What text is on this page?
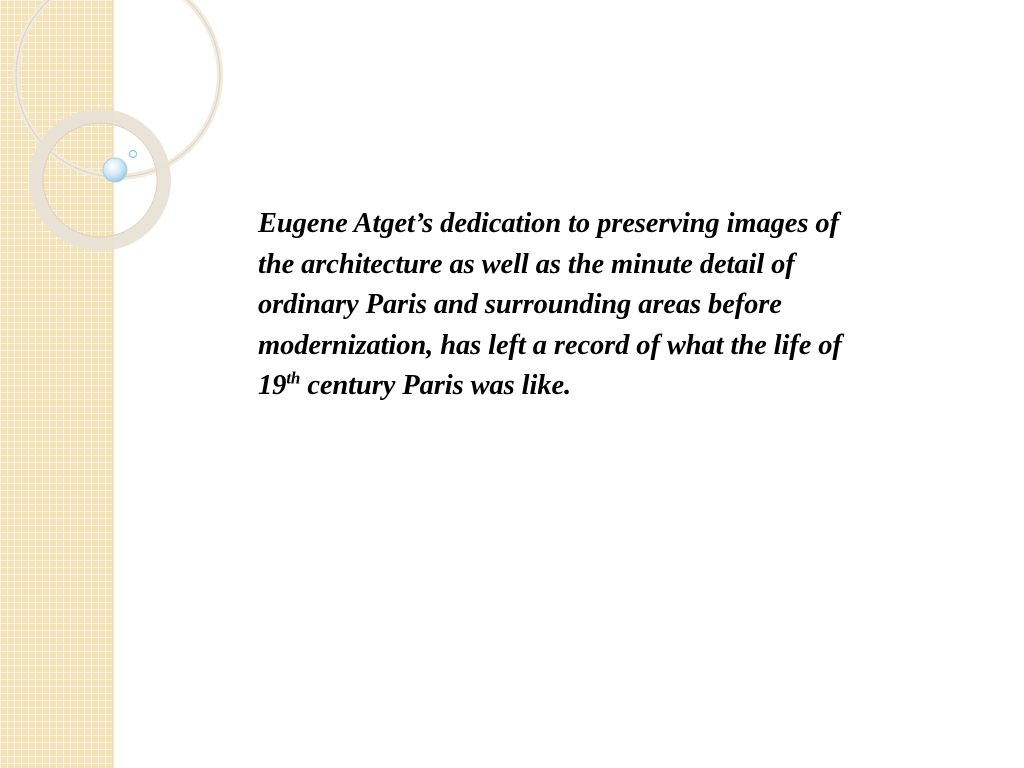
Eugene Atget’s dedication to preserving images of the architecture as well as the minute detail of ordinary Paris and surrounding areas before modernization, has left a record of what the life of 19th century Paris was like.
